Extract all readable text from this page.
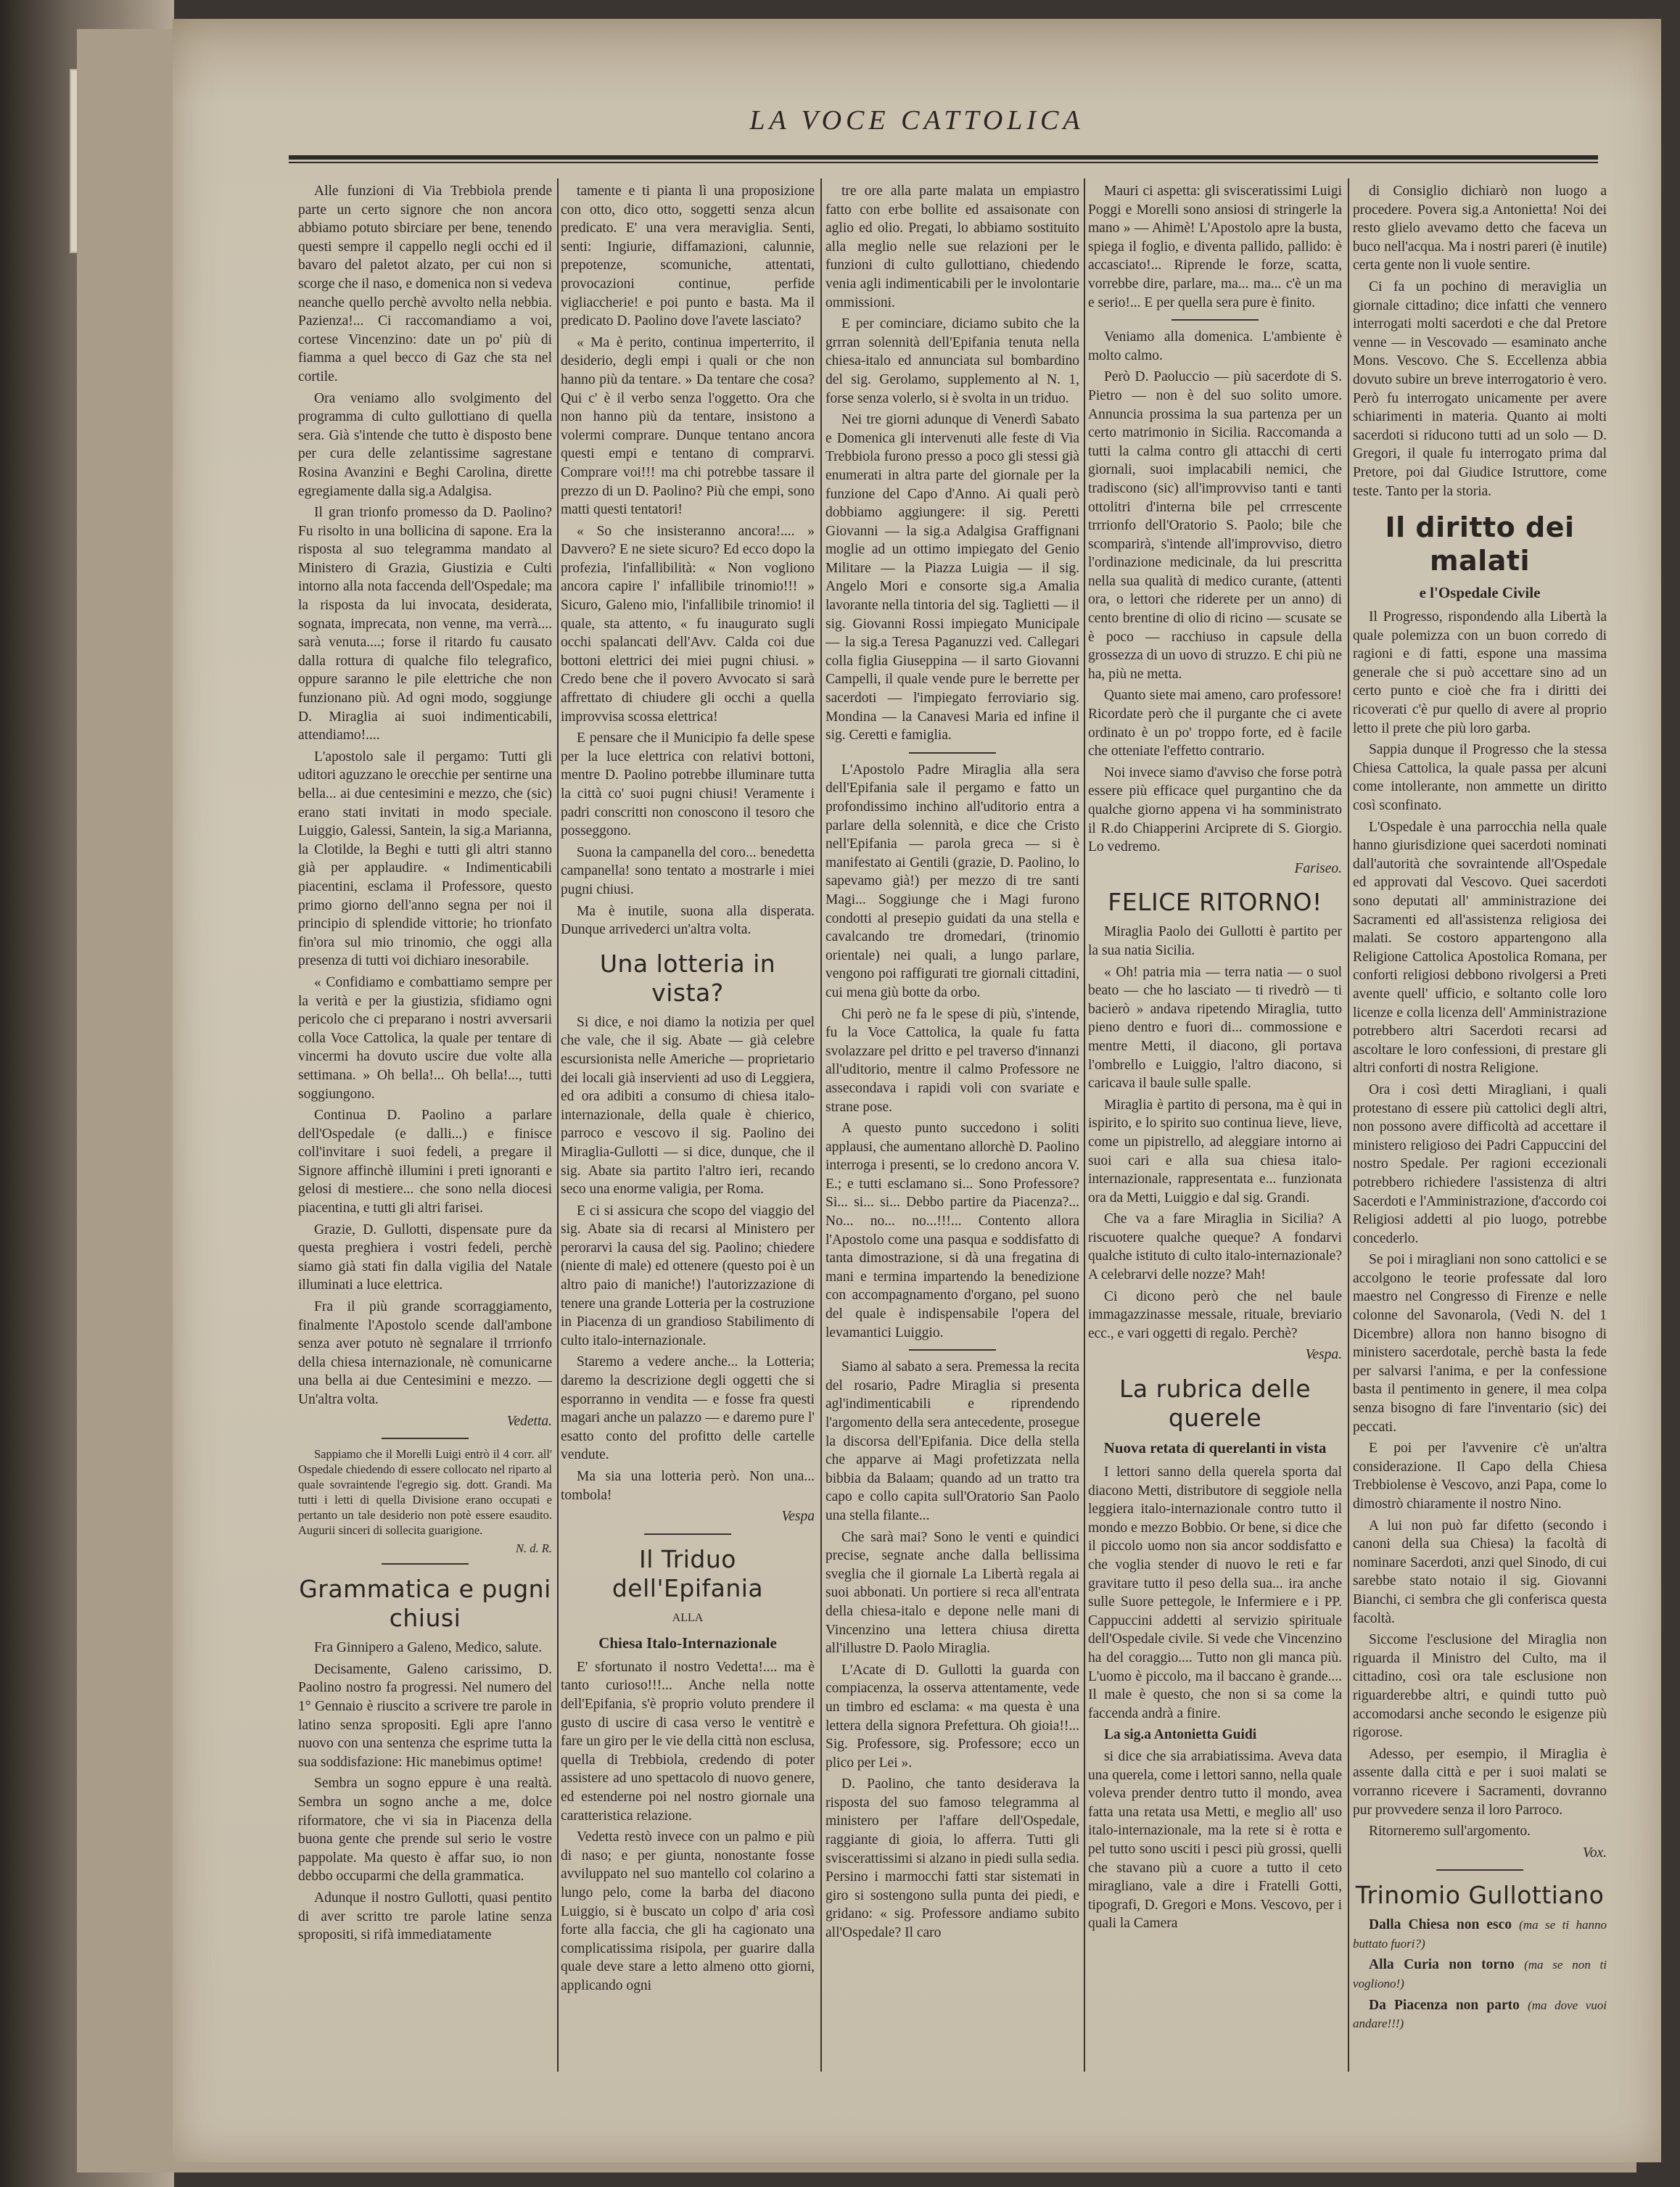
LA VOCE CATTOLICA

Alle funzioni di Via Trebbiola prende parte un certo signore che non ancora abbiamo potuto sbirciare per bene, tenendo questi sempre il cappello negli occhi ed il bavaro del paletot alzato, per cui non si scorge che il naso, e domenica non si vedeva neanche quello perchè avvolto nella nebbia. Pazienza!... Ci raccomandiamo a voi, cortese Vincenzino: date un po' più di fiamma a quel becco di Gaz che sta nel cortile.

Ora veniamo allo svolgimento del programma di culto gullottiano di quella sera. Già s'intende che tutto è disposto bene per cura delle zelantissime sagrestane Rosina Avanzini e Beghi Carolina, dirette egregiamente dalla sig.a Adalgisa.

Il gran trionfo promesso da D. Paolino? Fu risolto in una bollicina di sapone. Era la risposta al suo telegramma mandato al Ministero di Grazia, Giustizia e Culti intorno alla nota faccenda dell'Ospedale; ma la risposta da lui invocata, desiderata, sognata, imprecata, non venne, ma verrà.... sarà venuta....; forse il ritardo fu causato dalla rottura di qualche filo telegrafico, oppure saranno le pile elettriche che non funzionano più. Ad ogni modo, soggiunge D. Miraglia ai suoi indimenticabili, attendiamo!....

L'apostolo sale il pergamo: Tutti gli uditori aguzzano le orecchie per sentirne una bella... ai due centesimini e mezzo, che (sic) erano stati invitati in modo speciale. Luiggio, Galessi, Santein, la sig.a Marianna, la Clotilde, la Beghi e tutti gli altri stanno già per applaudire. « Indimenticabili piacentini, esclama il Professore, questo primo giorno dell'anno segna per noi il principio di splendide vittorie; ho trionfato fin'ora sul mio trinomio, che oggi alla presenza di tutti voi dichiaro inesorabile.

« Confidiamo e combattiamo sempre per la verità e per la giustizia, sfidiamo ogni pericolo che ci preparano i nostri avversarii colla Voce Cattolica, la quale per tentare di vincermi ha dovuto uscire due volte alla settimana. » Oh bella!... Oh bella!..., tutti soggiungono.

Continua D. Paolino a parlare dell'Ospedale (e dalli...) e finisce coll'invitare i suoi fedeli, a pregare il Signore affinchè illumini i preti ignoranti e gelosi di mestiere... che sono nella diocesi piacentina, e tutti gli altri farisei.

Grazie, D. Gullotti, dispensate pure da questa preghiera i vostri fedeli, perchè siamo già stati fin dalla vigilia del Natale illuminati a luce elettrica.

Fra il più grande scorraggiamento, finalmente l'Apostolo scende dall'ambone senza aver potuto nè segnalare il trrrionfo della chiesa internazionale, nè comunicarne una bella ai due Centesimini e mezzo. — Un'altra volta.

Vedetta.

Sappiamo che il Morelli Luigi entrò il 4 corr. all' Ospedale chiedendo di essere collocato nel riparto al quale sovraintende l'egregio sig. dott. Grandi. Ma tutti i letti di quella Divisione erano occupati e pertanto un tale desiderio non potè essere esaudito. Augurii sinceri di sollecita guarigione.

N. d. R.

Grammatica e pugni chiusi

Fra Ginnipero a Galeno, Medico, salute.

Decisamente, Galeno carissimo, D. Paolino nostro fa progressi. Nel numero del 1° Gennaio è riuscito a scrivere tre parole in latino senza spropositi. Egli apre l'anno nuovo con una sentenza che esprime tutta la sua soddisfazione: Hic manebimus optime!

Sembra un sogno eppure è una realtà. Sembra un sogno anche a me, dolce riformatore, che vi sia in Piacenza della buona gente che prende sul serio le vostre pappolate. Ma questo è affar suo, io non debbo occuparmi che della grammatica.

Adunque il nostro Gullotti, quasi pentito di aver scritto tre parole latine senza spropositi, si rifà immediatamente

tamente e ti pianta lì una proposizione con otto, dico otto, soggetti senza alcun predicato. E' una vera meraviglia. Senti, senti: Ingiurie, diffamazioni, calunnie, prepotenze, scomuniche, attentati, provocazioni continue, perfide vigliaccherie! e poi punto e basta. Ma il predicato D. Paolino dove l'avete lasciato?

« Ma è perito, continua imperterrito, il desiderio, degli empi i quali or che non hanno più da tentare. » Da tentare che cosa? Qui c' è il verbo senza l'oggetto. Ora che non hanno più da tentare, insistono a volermi comprare. Dunque tentano ancora questi empi e tentano di comprarvi. Comprare voi!!! ma chi potrebbe tassare il prezzo di un D. Paolino? Più che empi, sono matti questi tentatori!

« So che insisteranno ancora!.... » Davvero? E ne siete sicuro? Ed ecco dopo la profezia, l'infallibilità: « Non vogliono ancora capire l' infallibile trinomio!!! » Sicuro, Galeno mio, l'infallibile trinomio! il quale, sta attento, « fu inaugurato sugli occhi spalancati dell'Avv. Calda coi due bottoni elettrici dei miei pugni chiusi. » Credo bene che il povero Avvocato si sarà affrettato di chiudere gli occhi a quella improvvisa scossa elettrica!

E pensare che il Municipio fa delle spese per la luce elettrica con relativi bottoni, mentre D. Paolino potrebbe illuminare tutta la città co' suoi pugni chiusi! Veramente i padri conscritti non conoscono il tesoro che posseggono.

Suona la campanella del coro... benedetta campanella! sono tentato a mostrarle i miei pugni chiusi.

Ma è inutile, suona alla disperata. Dunque arrivederci un'altra volta.

Una lotteria in vista?

Si dice, e noi diamo la notizia per quel che vale, che il sig. Abate — già celebre escursionista nelle Americhe — proprietario dei locali già inservienti ad uso di Leggiera, ed ora adibiti a consumo di chiesa italo-internazionale, della quale è chierico, parroco e vescovo il sig. Paolino dei Miraglia-Gullotti — si dice, dunque, che il sig. Abate sia partito l'altro ieri, recando seco una enorme valigia, per Roma.

E ci si assicura che scopo del viaggio del sig. Abate sia di recarsi al Ministero per perorarvi la causa del sig. Paolino; chiedere (niente di male) ed ottenere (questo poi è un altro paio di maniche!) l'autorizzazione di tenere una grande Lotteria per la costruzione in Piacenza di un grandioso Stabilimento di culto italo-internazionale.

Staremo a vedere anche... la Lotteria; daremo la descrizione degli oggetti che si esporranno in vendita — e fosse fra questi magari anche un palazzo — e daremo pure l' esatto conto del profitto delle cartelle vendute.

Ma sia una lotteria però. Non una... tombola!

Vespa

Il Triduo dell'Epifania
ALLA
Chiesa Italo-Internazionale

E' sfortunato il nostro Vedetta!.... ma è tanto curioso!!!... Anche nella notte dell'Epifania, s'è proprio voluto prendere il gusto di uscire di casa verso le ventitrè e fare un giro per le vie della città non esclusa, quella di Trebbiola, credendo di poter assistere ad uno spettacolo di nuovo genere, ed estenderne poi nel nostro giornale una caratteristica relazione.

Vedetta restò invece con un palmo e più di naso; e per giunta, nonostante fosse avviluppato nel suo mantello col colarino a lungo pelo, come la barba del diacono Luiggio, si è buscato un colpo d' aria così forte alla faccia, che gli ha cagionato una complicatissima risipola, per guarire dalla quale deve stare a letto almeno otto giorni, applicando ogni

tre ore alla parte malata un empiastro fatto con erbe bollite ed assaisonate con aglio ed olio. Pregati, lo abbiamo sostituito alla meglio nelle sue relazioni per le funzioni di culto gullottiano, chiedendo venia agli indimenticabili per le involontarie ommissioni.

E per cominciare, diciamo subito che la grrran solennità dell'Epifania tenuta nella chiesa-italo ed annunciata sul bombardino del sig. Gerolamo, supplemento al N. 1, forse senza volerlo, si è svolta in un triduo.

Nei tre giorni adunque di Venerdì Sabato e Domenica gli intervenuti alle feste di Via Trebbiola furono presso a poco gli stessi già enumerati in altra parte del giornale per la funzione del Capo d'Anno. Ai quali però dobbiamo aggiungere: il sig. Peretti Giovanni — la sig.a Adalgisa Graffignani moglie ad un ottimo impiegato del Genio Militare — la Piazza Luigia — il sig. Angelo Mori e consorte sig.a Amalia lavorante nella tintoria del sig. Taglietti — il sig. Giovanni Rossi impiegato Municipale — la sig.a Teresa Paganuzzi ved. Callegari colla figlia Giuseppina — il sarto Giovanni Campelli, il quale vende pure le berrette per sacerdoti — l'impiegato ferroviario sig. Mondina — la Canavesi Maria ed infine il sig. Ceretti e famiglia.

L'Apostolo Padre Miraglia alla sera dell'Epifania sale il pergamo e fatto un profondissimo inchino all'uditorio entra a parlare della solennità, e dice che Cristo nell'Epifania — parola greca — si è manifestato ai Gentili (grazie, D. Paolino, lo sapevamo già!) per mezzo di tre santi Magi... Soggiunge che i Magi furono condotti al presepio guidati da una stella e cavalcando tre dromedari, (trinomio orientale) nei quali, a lungo parlare, vengono poi raffigurati tre giornali cittadini, cui mena giù botte da orbo.

Chi però ne fa le spese di più, s'intende, fu la Voce Cattolica, la quale fu fatta svolazzare pel dritto e pel traverso d'innanzi all'uditorio, mentre il calmo Professore ne assecondava i rapidi voli con svariate e strane pose.

A questo punto succedono i soliti applausi, che aumentano allorchè D. Paolino interroga i presenti, se lo credono ancora V. E.; e tutti esclamano si... Sono Professore? Si... si... si... Debbo partire da Piacenza?... No... no... no...!!!... Contento allora l'Apostolo come una pasqua e soddisfatto di tanta dimostrazione, si dà una fregatina di mani e termina impartendo la benedizione con accompagnamento d'organo, pel suono del quale è indispensabile l'opera del levamantici Luiggio.

Siamo al sabato a sera. Premessa la recita del rosario, Padre Miraglia si presenta agl'indimenticabili e riprendendo l'argomento della sera antecedente, prosegue la discorsa dell'Epifania. Dice della stella che apparve ai Magi profetizzata nella bibbia da Balaam; quando ad un tratto tra capo e collo capita sull'Oratorio San Paolo una stella filante...

Che sarà mai? Sono le venti e quindici precise, segnate anche dalla bellissima sveglia che il giornale La Libertà regala ai suoi abbonati. Un portiere si reca all'entrata della chiesa-italo e depone nelle mani di Vincenzino una lettera chiusa diretta all'illustre D. Paolo Miraglia.

L'Acate di D. Gullotti la guarda con compiacenza, la osserva attentamente, vede un timbro ed esclama: « ma questa è una lettera della signora Prefettura. Oh gioia!!... Sig. Professore, sig. Professore; ecco un plico per Lei ».

D. Paolino, che tanto desiderava la risposta del suo famoso telegramma al ministero per l'affare dell'Ospedale, raggiante di gioia, lo afferra. Tutti gli sviscerattissimi si alzano in piedi sulla sedia. Persino i marmocchi fatti star sistemati in giro si sostengono sulla punta dei piedi, e gridano: « sig. Professore andiamo subito all'Ospedale? Il caro

Mauri ci aspetta: gli svisceratissimi Luigi Poggi e Morelli sono ansiosi di stringerle la mano » — Ahimè! L'Apostolo apre la busta, spiega il foglio, e diventa pallido, pallido: è accasciato!... Riprende le forze, scatta, vorrebbe dire, parlare, ma... ma... c'è un ma e serio!... E per quella sera pure è finito.

Veniamo alla domenica. L'ambiente è molto calmo.

Però D. Paoluccio — più sacerdote di S. Pietro — non è del suo solito umore. Annuncia prossima la sua partenza per un certo matrimonio in Sicilia. Raccomanda a tutti la calma contro gli attacchi di certi giornali, suoi implacabili nemici, che tradiscono (sic) all'improvviso tanti e tanti ottolitri d'interna bile pel crrrescente trrrionfo dell'Oratorio S. Paolo; bile che scomparirà, s'intende all'improvviso, dietro l'ordinazione medicinale, da lui prescritta nella sua qualità di medico curante, (attenti ora, o lettori che riderete per un anno) di cento brentine di olio di ricino — scusate se è poco — racchiuso in capsule della grossezza di un uovo di struzzo. E chi più ne ha, più ne metta.

Quanto siete mai ameno, caro professore! Ricordate però che il purgante che ci avete ordinato è un po' troppo forte, ed è facile che otteniate l'effetto contrario.

Noi invece siamo d'avviso che forse potrà essere più efficace quel purgantino che da qualche giorno appena vi ha somministrato il R.do Chiapperini Arciprete di S. Giorgio. Lo vedremo.

Fariseo.

FELICE RITORNO!

Miraglia Paolo dei Gullotti è partito per la sua natia Sicilia.

« Oh! patria mia — terra natia — o suol beato — che ho lasciato — ti rivedrò — ti bacierò » andava ripetendo Miraglia, tutto pieno dentro e fuori di... commossione e mentre Metti, il diacono, gli portava l'ombrello e Luiggio, l'altro diacono, si caricava il baule sulle spalle.

Miraglia è partito di persona, ma è qui in ispirito, e lo spirito suo continua lieve, lieve, come un pipistrello, ad aleggiare intorno ai suoi cari e alla sua chiesa italo-internazionale, rappresentata e... funzionata ora da Metti, Luiggio e dal sig. Grandi.

Che va a fare Miraglia in Sicilia? A riscuotere qualche queque? A fondarvi qualche istituto di culto italo-internazionale? A celebrarvi delle nozze? Mah!

Ci dicono però che nel baule immagazzinasse messale, rituale, breviario ecc., e vari oggetti di regalo. Perchè?

Vespa.

La rubrica delle querele
Nuova retata di querelanti in vista

I lettori sanno della querela sporta dal diacono Metti, distributore di seggiole nella leggiera italo-internazionale contro tutto il mondo e mezzo Bobbio. Or bene, si dice che il piccolo uomo non sia ancor soddisfatto e che voglia stender di nuovo le reti e far gravitare tutto il peso della sua... ira anche sulle Suore pettegole, le Infermiere e i PP. Cappuccini addetti al servizio spirituale dell'Ospedale civile. Si vede che Vincenzino ha del coraggio.... Tutto non gli manca più. L'uomo è piccolo, ma il baccano è grande.... Il male è questo, che non si sa come la faccenda andrà a finire.

La sig.a Antonietta Guidi

si dice che sia arrabiatissima. Aveva data una querela, come i lettori sanno, nella quale voleva prender dentro tutto il mondo, avea fatta una retata usa Metti, e meglio all' uso italo-internazionale, ma la rete si è rotta e pel tutto sono usciti i pesci più grossi, quelli che stavano più a cuore a tutto il ceto miragliano, vale a dire i Fratelli Gotti, tipografi, D. Gregori e Mons. Vescovo, per i quali la Camera

di Consiglio dichiarò non luogo a procedere. Povera sig.a Antonietta! Noi dei resto glielo avevamo detto che faceva un buco nell'acqua. Ma i nostri pareri (è inutile) certa gente non li vuole sentire.

Ci fa un pochino di meraviglia un giornale cittadino; dice infatti che vennero interrogati molti sacerdoti e che dal Pretore venne — in Vescovado — esaminato anche Mons. Vescovo. Che S. Eccellenza abbia dovuto subire un breve interrogatorio è vero. Però fu interrogato unicamente per avere schiarimenti in materia. Quanto ai molti sacerdoti si riducono tutti ad un solo — D. Gregori, il quale fu interrogato prima dal Pretore, poi dal Giudice Istruttore, come teste. Tanto per la storia.

Il diritto dei malati
e l'Ospedale Civile

Il Progresso, rispondendo alla Libertà la quale polemizza con un buon corredo di ragioni e di fatti, espone una massima generale che si può accettare sino ad un certo punto e cioè che fra i diritti dei ricoverati c'è pur quello di avere al proprio letto il prete che più loro garba.

Sappia dunque il Progresso che la stessa Chiesa Cattolica, la quale passa per alcuni come intollerante, non ammette un diritto così sconfinato.

L'Ospedale è una parrocchia nella quale hanno giurisdizione quei sacerdoti nominati dall'autorità che sovraintende all'Ospedale ed approvati dal Vescovo. Quei sacerdoti sono deputati all' amministrazione dei Sacramenti ed all'assistenza religiosa dei malati. Se costoro appartengono alla Religione Cattolica Apostolica Romana, per conforti religiosi debbono rivolgersi a Preti avente quell' ufficio, e soltanto colle loro licenze e colla licenza dell' Amministrazione potrebbero altri Sacerdoti recarsi ad ascoltare le loro confessioni, di prestare gli altri conforti di nostra Religione.

Ora i così detti Miragliani, i quali protestano di essere più cattolici degli altri, non possono avere difficoltà ad accettare il ministero religioso dei Padri Cappuccini del nostro Spedale. Per ragioni eccezionali potrebbero richiedere l'assistenza di altri Sacerdoti e l'Amministrazione, d'accordo coi Religiosi addetti al pio luogo, potrebbe concederlo.

Se poi i miragliani non sono cattolici e se accolgono le teorie professate dal loro maestro nel Congresso di Firenze e nelle colonne del Savonarola, (Vedi N. del 1 Dicembre) allora non hanno bisogno di ministero sacerdotale, perchè basta la fede per salvarsi l'anima, e per la confessione basta il pentimento in genere, il mea colpa senza bisogno di fare l'inventario (sic) dei peccati.

E poi per l'avvenire c'è un'altra considerazione. Il Capo della Chiesa Trebbiolense è Vescovo, anzi Papa, come lo dimostrò chiaramente il nostro Nino.

A lui non può far difetto (secondo i canoni della sua Chiesa) la facoltà di nominare Sacerdoti, anzi quel Sinodo, di cui sarebbe stato notaio il sig. Giovanni Bianchi, ci sembra che gli conferisca questa facoltà.

Siccome l'esclusione del Miraglia non riguarda il Ministro del Culto, ma il cittadino, così ora tale esclusione non riguarderebbe altri, e quindi tutto può accomodarsi anche secondo le esigenze più rigorose.

Adesso, per esempio, il Miraglia è assente dalla città e per i suoi malati se vorranno ricevere i Sacramenti, dovranno pur provvedere senza il loro Parroco.

Ritorneremo sull'argomento.

Vox.

Trinomio Gullottiano

Dalla Chiesa non esco (ma se ti hanno buttato fuori?)

Alla Curia non torno (ma se non ti vogliono!)

Da Piacenza non parto (ma dove vuoi andare!!!)
